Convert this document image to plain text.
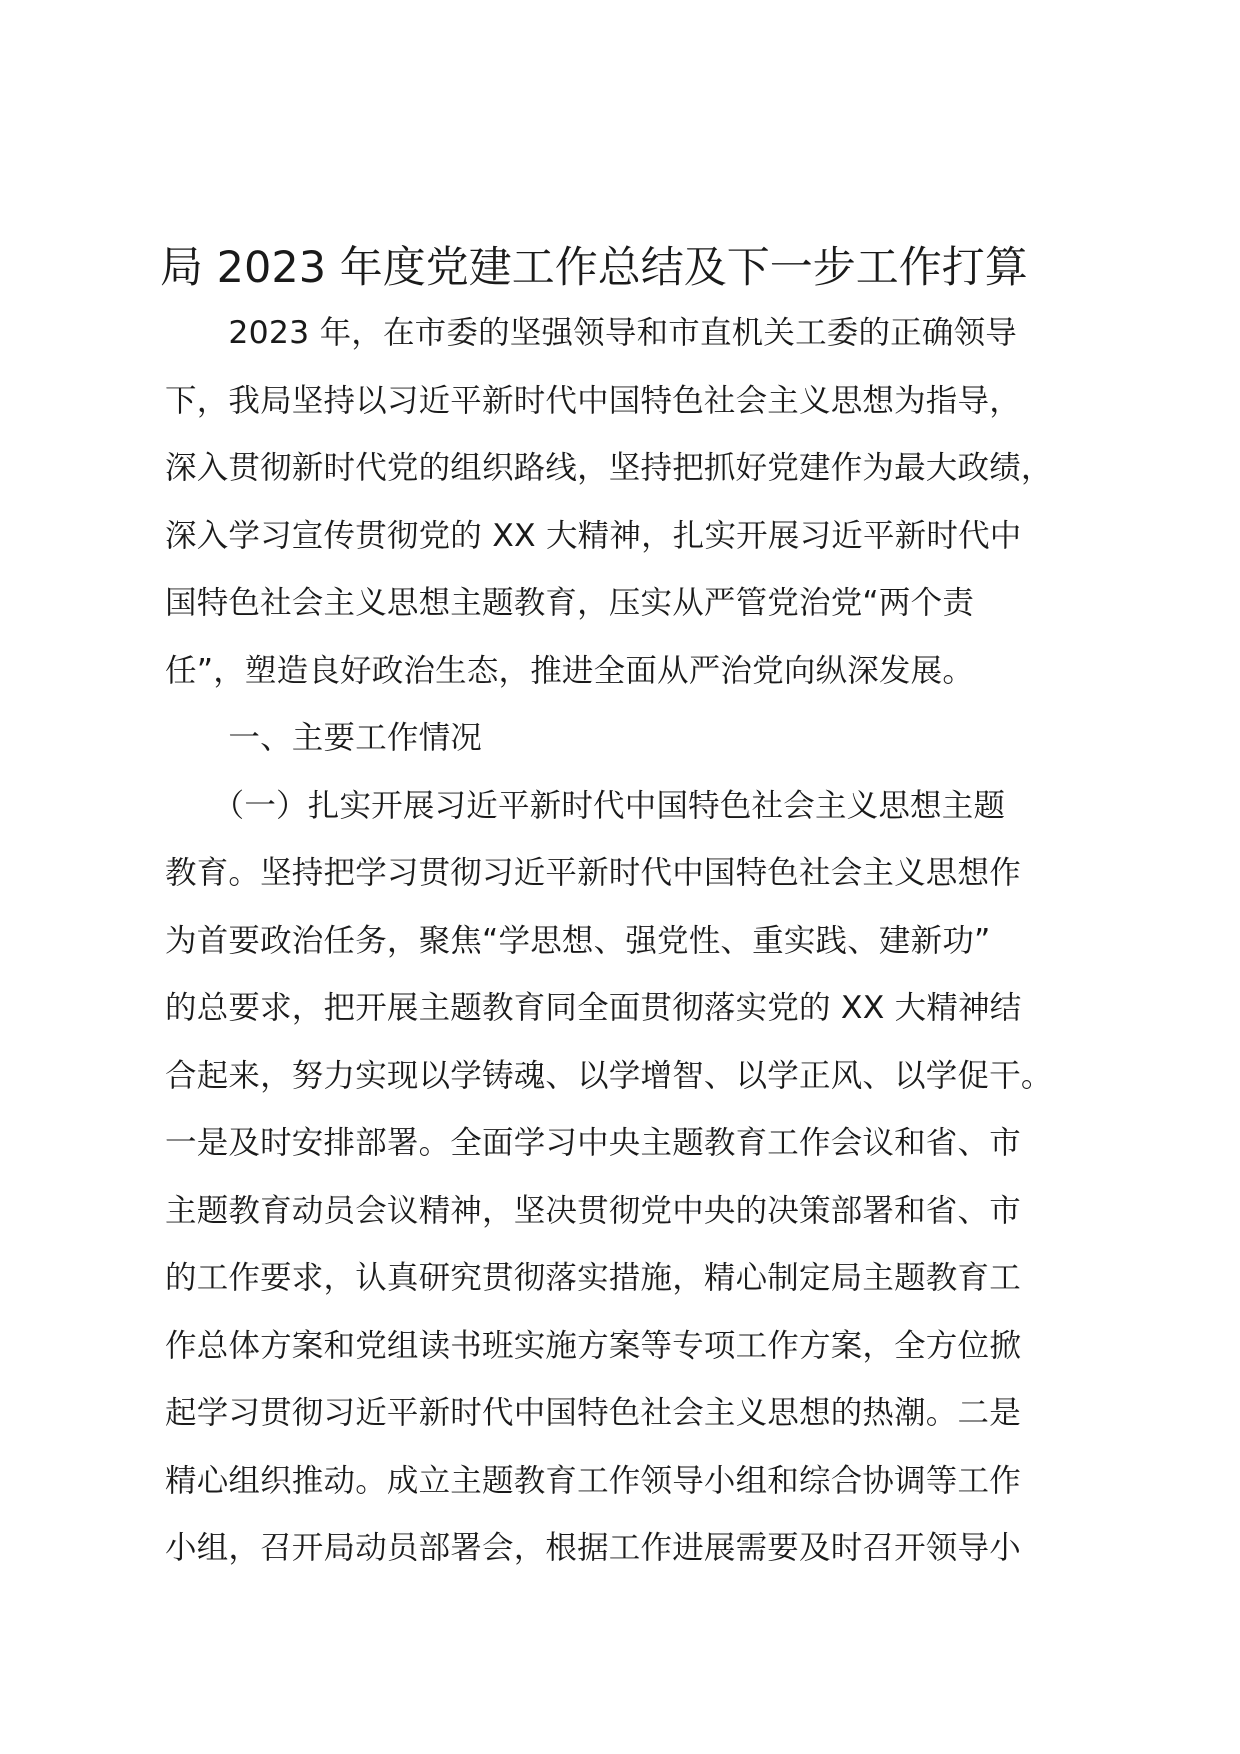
局 2023 年度党建工作总结及下一步工作打算
　　2023 年，在市委的坚强领导和市直机关工委的正确领导
下，我局坚持以习近平新时代中国特色社会主义思想为指导，
深入贯彻新时代党的组织路线，坚持把抓好党建作为最大政绩，
深入学习宣传贯彻党的 XX 大精神，扎实开展习近平新时代中
国特色社会主义思想主题教育，压实从严管党治党“两个责
任”，塑造良好政治生态，推进全面从严治党向纵深发展。
　　一、主要工作情况
　　（一）扎实开展习近平新时代中国特色社会主义思想主题
教育。坚持把学习贯彻习近平新时代中国特色社会主义思想作
为首要政治任务，聚焦“学思想、强党性、重实践、建新功”
的总要求，把开展主题教育同全面贯彻落实党的 XX 大精神结
合起来，努力实现以学铸魂、以学增智、以学正风、以学促干。
一是及时安排部署。全面学习中央主题教育工作会议和省、市
主题教育动员会议精神，坚决贯彻党中央的决策部署和省、市
的工作要求，认真研究贯彻落实措施，精心制定局主题教育工
作总体方案和党组读书班实施方案等专项工作方案，全方位掀
起学习贯彻习近平新时代中国特色社会主义思想的热潮。二是
精心组织推动。成立主题教育工作领导小组和综合协调等工作
小组，召开局动员部署会，根据工作进展需要及时召开领导小
